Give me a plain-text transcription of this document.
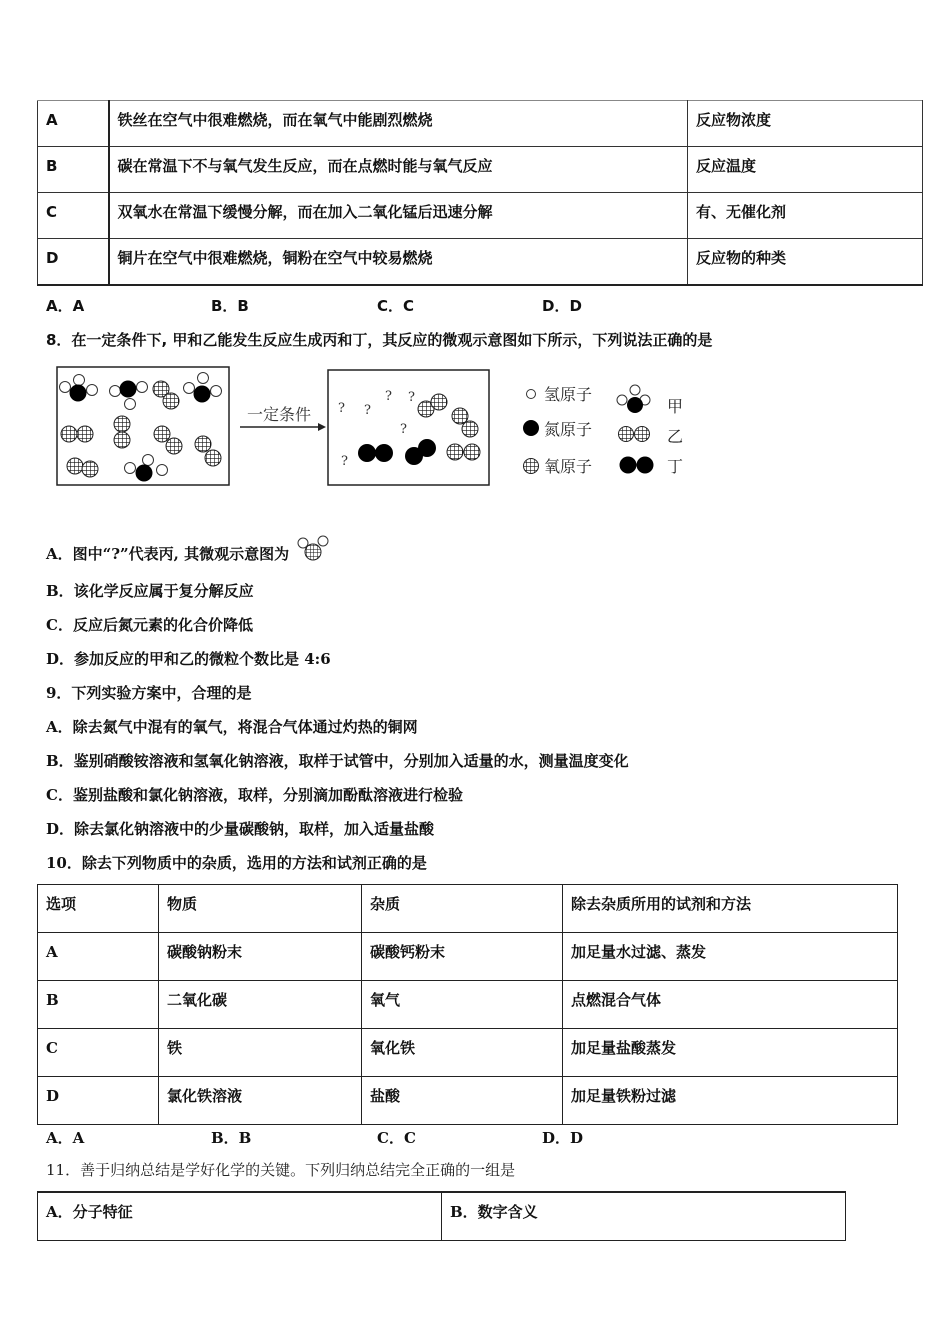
A	铁丝在空气中很难燃烧，而在氧气中能剧烈燃烧	反应物浓度
B	碳在常温下不与氧气发生反应，而在点燃时能与氧气反应	反应温度
C	双氧水在常温下缓慢分解，而在加入二氧化锰后迅速分解	有、无催化剂
D	铜片在空气中很难燃烧，铜粉在空气中较易燃烧	反应物的种类
A．A	B．B	C．C	D．D
8．在一定条件下, 甲和乙能发生反应生成丙和丁，其反应的微观示意图如下所示，下列说法正确的是
一定条件 ? ?
? ?
?
?
氢原子
氮原子
氧原子
甲
乙
丁
A．图中“?”代表丙, 其微观示意图为
B．该化学反应属于复分解反应
C．反应后氮元素的化合价降低
D．参加反应的甲和乙的微粒个数比是 4:6
9．下列实验方案中，合理的是
A．除去氮气中混有的氧气，将混合气体通过灼热的铜网
B．鉴别硝酸铵溶液和氢氧化钠溶液，取样于试管中，分别加入适量的水，测量温度变化
C．鉴别盐酸和氯化钠溶液，取样，分别滴加酚酞溶液进行检验
D．除去氯化钠溶液中的少量碳酸钠，取样，加入适量盐酸
10．除去下列物质中的杂质，选用的方法和试剂正确的是
选项	物质	杂质	除去杂质所用的试剂和方法
A	碳酸钠粉末	碳酸钙粉末	加足量水过滤、蒸发
B	二氧化碳	氧气	点燃混合气体
C	铁	氧化铁	加足量盐酸蒸发
D	氯化铁溶液	盐酸	加足量铁粉过滤
A．A	B．B	C．C	D．D
11．善于归纳总结是学好化学的关键。下列归纳总结完全正确的一组是
A．分子特征	B．数字含义
